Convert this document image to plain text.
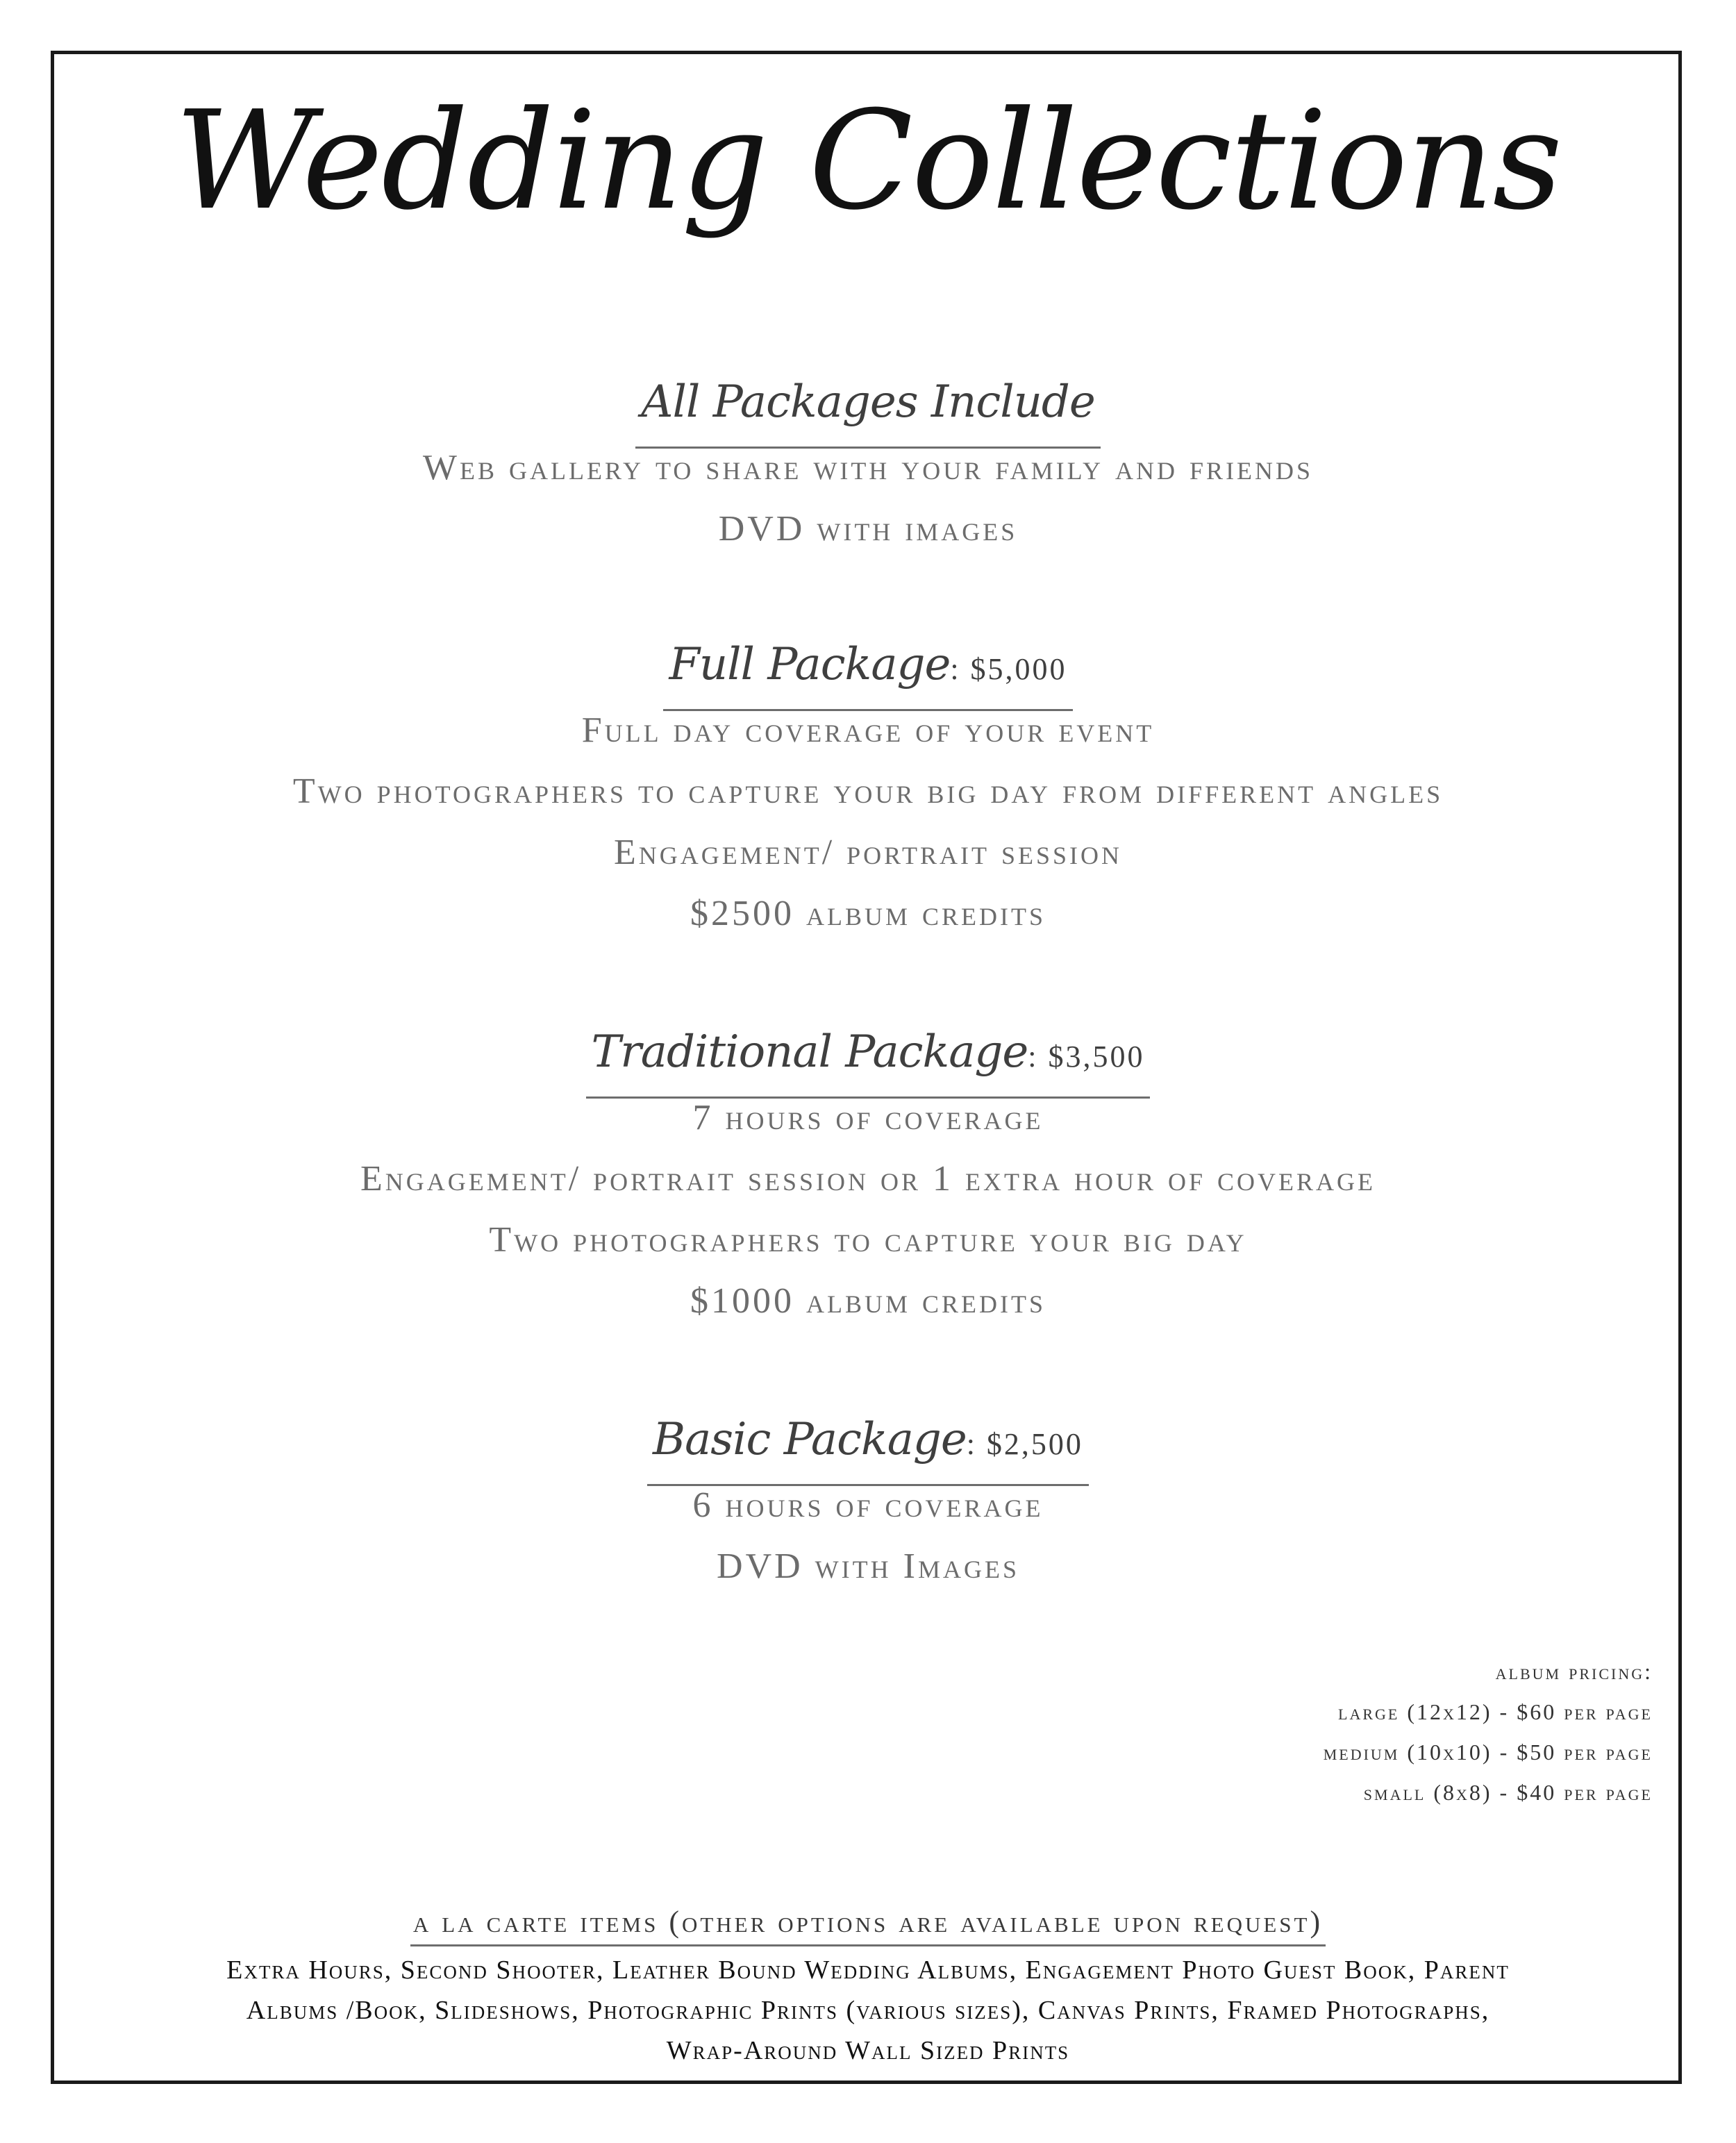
Wedding Collections
All Packages Include
Web gallery to share with your family and friends
DVD with images
Full Package: $5,000
Full day coverage of your event
Two photographers to capture your big day from different angles
Engagement/ portrait session
$2500 album credits
Traditional Package: $3,500
7 hours of coverage
Engagement/ portrait session or 1 extra hour of coverage
Two photographers to capture your big day
$1000 album credits
Basic Package: $2,500
6 hours of coverage
DVD with Images
album pricing:
large (12x12) - $60 per page
medium (10x10) - $50 per page
small (8x8) - $40 per page
a la carte items (other options are available upon request)
Extra Hours, Second Shooter, Leather Bound Wedding Albums, Engagement Photo Guest Book, Parent
Albums /Book, Slideshows, Photographic Prints (various sizes), Canvas Prints, Framed Photographs,
Wrap-Around Wall Sized Prints
